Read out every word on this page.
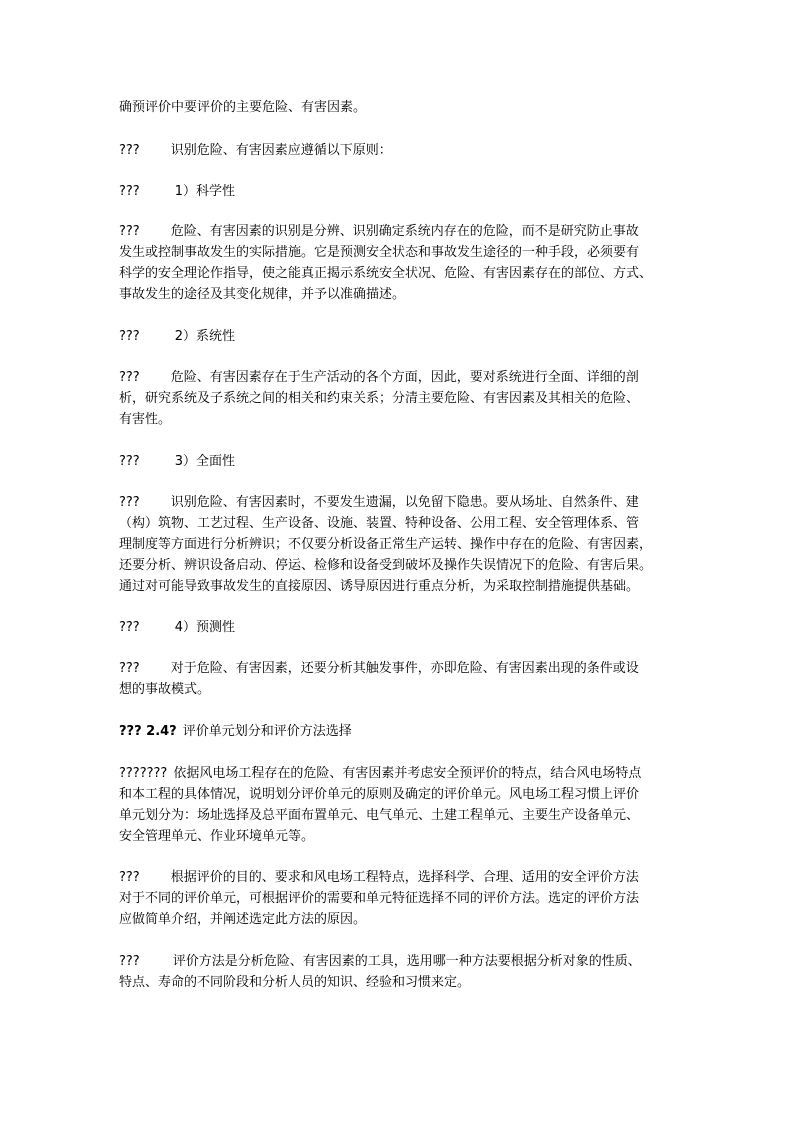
确预评价中要评价的主要危险、有害因素。

??? 识别危险、有害因素应遵循以下原则：

???	1）科学性

??? 危险、有害因素的识别是分辨、识别确定系统内存在的危险，而不是研究防止事故
发生或控制事故发生的实际措施。它是预测安全状态和事故发生途径的一种手段，必须要有
科学的安全理论作指导，使之能真正揭示系统安全状况、危险、有害因素存在的部位、方式、
事故发生的途径及其变化规律，并予以准确描述。

???	2）系统性

??? 危险、有害因素存在于生产活动的各个方面，因此，要对系统进行全面、详细的剖
析，研究系统及子系统之间的相关和约束关系；分清主要危险、有害因素及其相关的危险、
有害性。

???	3）全面性

??? 识别危险、有害因素时，不要发生遗漏，以免留下隐患。要从场址、自然条件、建
（构）筑物、工艺过程、生产设备、设施、装置、特种设备、公用工程、安全管理体系、管
理制度等方面进行分析辨识；不仅要分析设备正常生产运转、操作中存在的危险、有害因素，
还要分析、辨识设备启动、停运、检修和设备受到破坏及操作失误情况下的危险、有害后果。
通过对可能导致事故发生的直接原因、诱导原因进行重点分析，为采取控制措施提供基础。

???	4）预测性

??? 对于危险、有害因素，还要分析其触发事件，亦即危险、有害因素出现的条件或设
想的事故模式。

??? 2.4? 评价单元划分和评价方法选择

??????? 依据风电场工程存在的危险、有害因素并考虑安全预评价的特点，结合风电场特点
和本工程的具体情况，说明划分评价单元的原则及确定的评价单元。风电场工程习惯上评价
单元划分为：场址选择及总平面布置单元、电气单元、土建工程单元、主要生产设备单元、
安全管理单元、作业环境单元等。

??? 根据评价的目的、要求和风电场工程特点，选择科学、合理、适用的安全评价方法
对于不同的评价单元，可根据评价的需要和单元特征选择不同的评价方法。选定的评价方法
应做简单介绍，并阐述选定此方法的原因。

???	评价方法是分析危险、有害因素的工具，选用哪一种方法要根据分析对象的性质、
特点、寿命的不同阶段和分析人员的知识、经验和习惯来定。
